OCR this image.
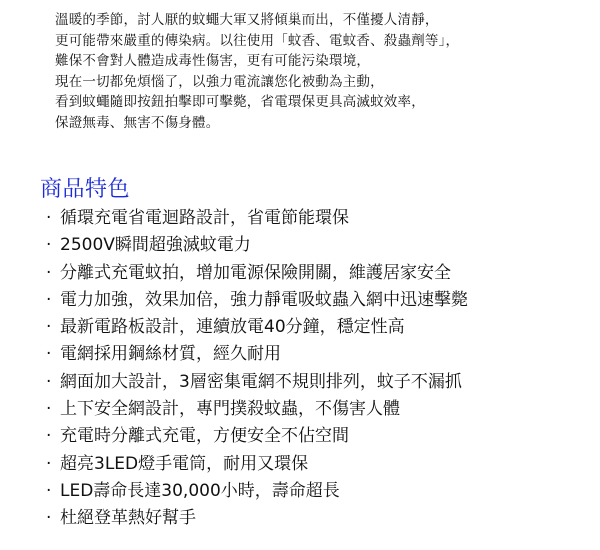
溫暖的季節，討人厭的蚊蠅大軍又將傾巢而出，不僅擾人清靜，
更可能帶來嚴重的傳染病。以往使用「蚊香、電蚊香、殺蟲劑等」，
難保不會對人體造成毒性傷害，更有可能污染環境，
現在一切都免煩惱了，以強力電流讓您化被動為主動，
看到蚊蠅隨即按鈕拍擊即可擊斃，省電環保更具高滅蚊效率，
保證無毒、無害不傷身體。
商品特色
· 循環充電省電迴路設計，省電節能環保
· 2500V瞬間超強滅蚊電力
· 分離式充電蚊拍，增加電源保險開關，維護居家安全
· 電力加強，效果加倍，強力靜電吸蚊蟲入網中迅速擊斃
· 最新電路板設計，連續放電40分鐘，穩定性高
· 電網採用鋼絲材質，經久耐用
· 網面加大設計，3層密集電網不規則排列，蚊子不漏抓
· 上下安全網設計，專門撲殺蚊蟲，不傷害人體
· 充電時分離式充電，方便安全不佔空間
· 超亮3LED燈手電筒，耐用又環保
· LED壽命長達30,000小時，壽命超長
· 杜絕登革熱好幫手
